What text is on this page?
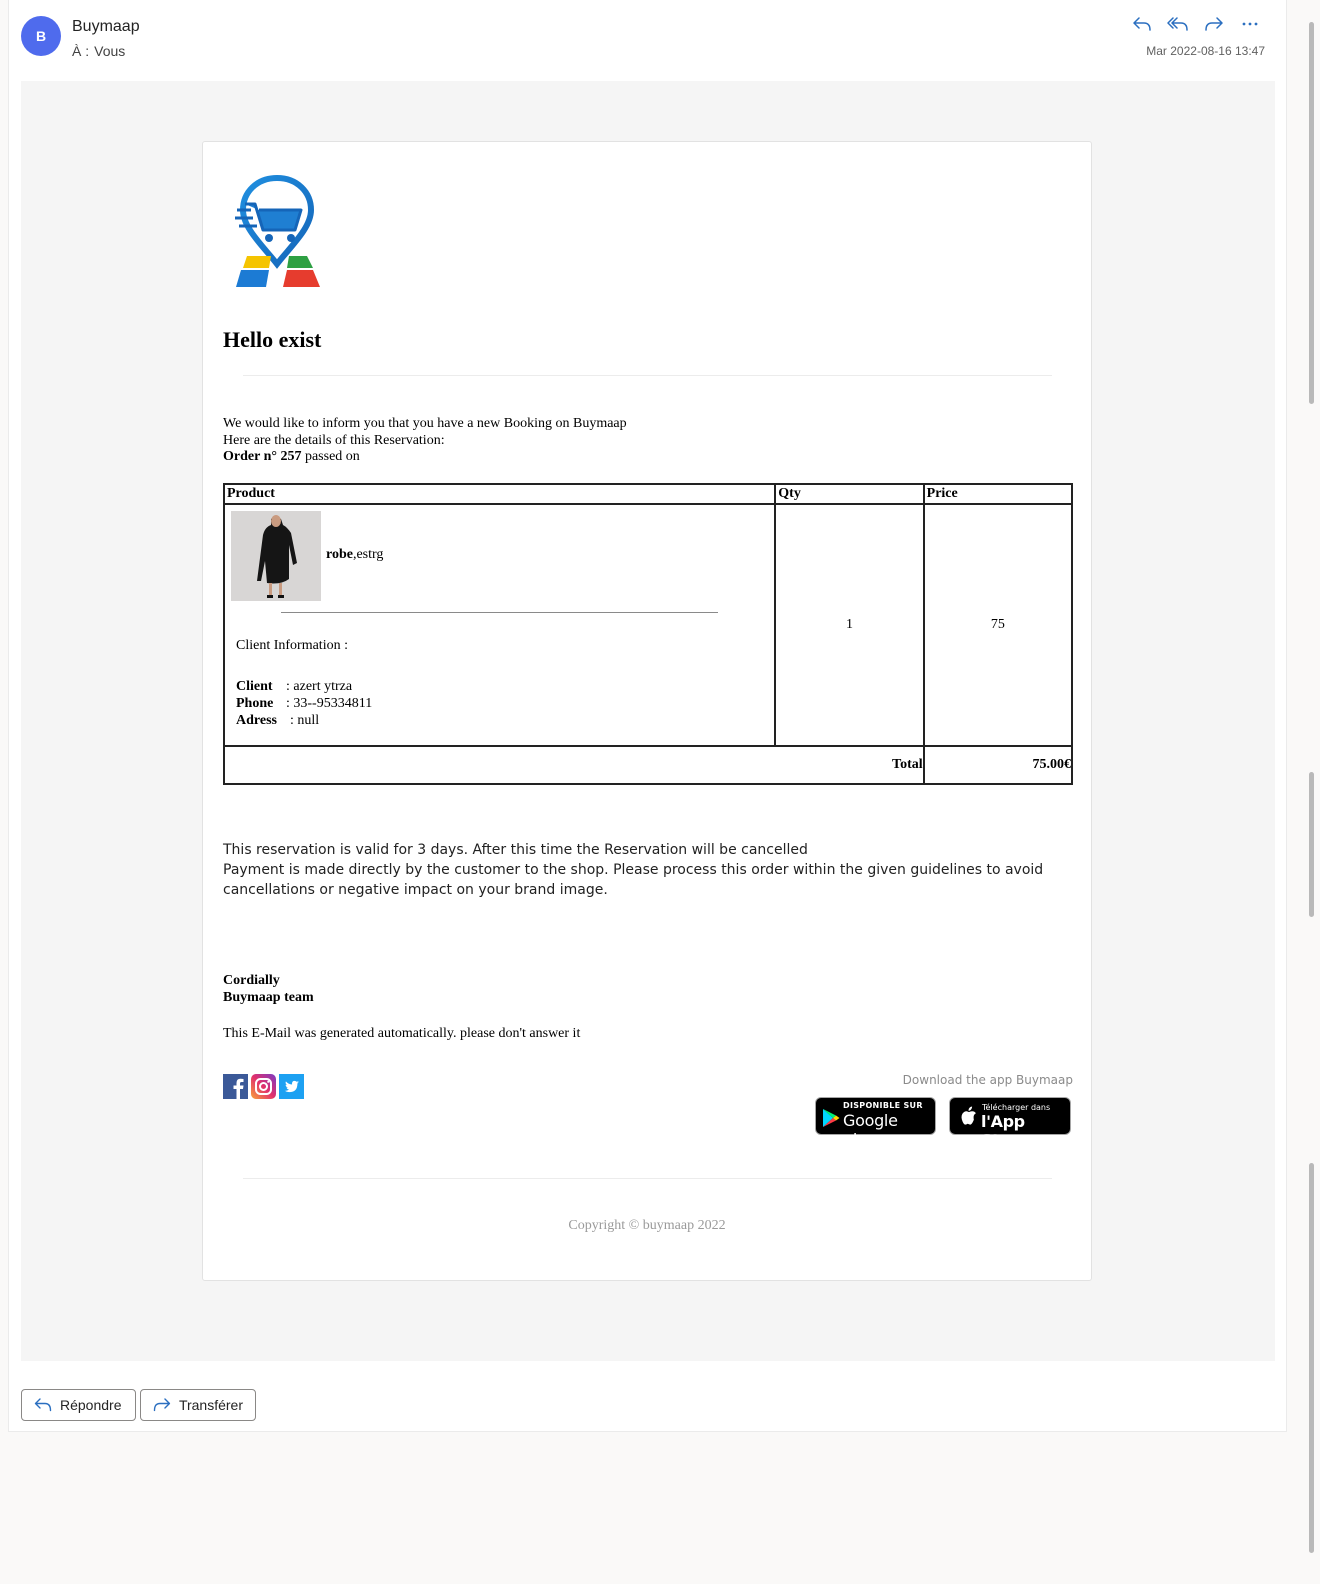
B
Buymaap
À : Vous	Mar 2022-08-16 13:47
Hello exist
We would like to inform you that you have a new Booking on Buymaap
Here are the details of this Reservation:
Order n° 257 passed on
Product	Qty	Price

robe,estrg
Client Information :
Client : azert ytrza
Phone : 33--95334811
Adress : null	1	75
Total		75.00€
This reservation is valid for 3 days. After this time the Reservation will be cancelled
Payment is made directly by the customer to the shop. Please process this order within the given guidelines to avoid cancellations or negative impact on your brand image.
Cordially
Buymaap team
This E-Mail was generated automatically. please don't answer it
Download the app Buymaap
DISPONIBLE SUR
Google play
Télécharger dans
l'App Store
Copyright © buymaap 2022
Répondre	Transférer
